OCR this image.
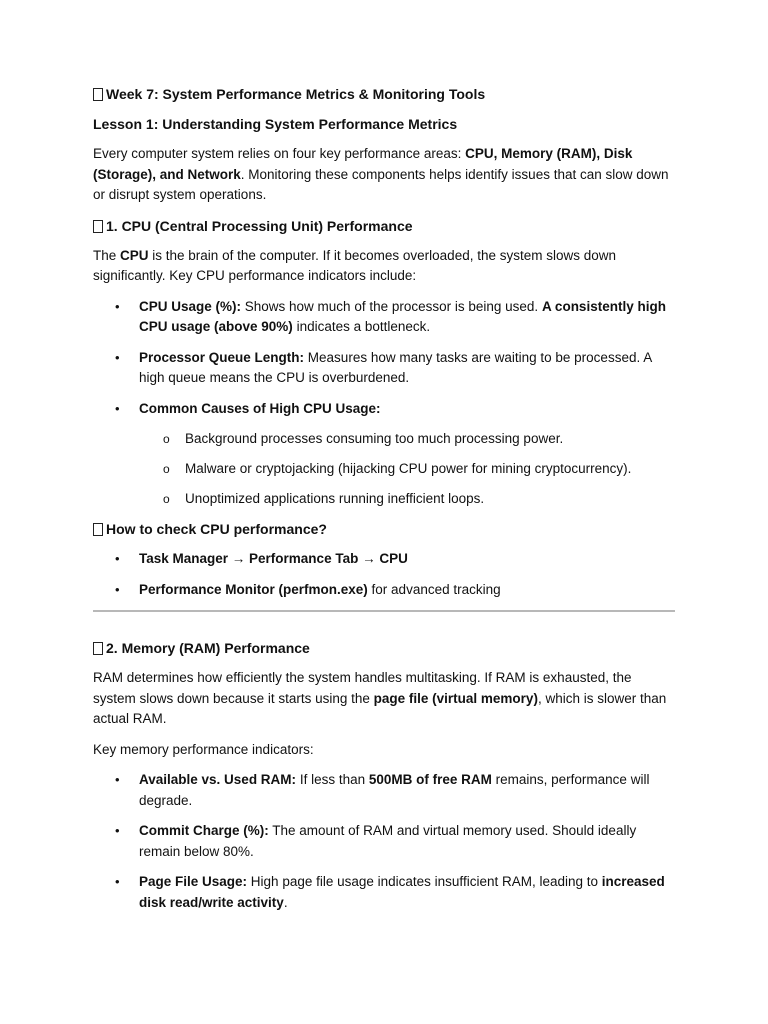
Week 7: System Performance Metrics & Monitoring Tools
Lesson 1: Understanding System Performance Metrics

Every computer system relies on four key performance areas: CPU, Memory (RAM), Disk (Storage), and Network. Monitoring these components helps identify issues that can slow down or disrupt system operations.

1. CPU (Central Processing Unit) Performance

The CPU is the brain of the computer. If it becomes overloaded, the system slows down significantly. Key CPU performance indicators include:

• CPU Usage (%): Shows how much of the processor is being used. A consistently high CPU usage (above 90%) indicates a bottleneck.
• Processor Queue Length: Measures how many tasks are waiting to be processed. A high queue means the CPU is overburdened.
• Common Causes of High CPU Usage:
o Background processes consuming too much processing power.
o Malware or cryptojacking (hijacking CPU power for mining cryptocurrency).
o Unoptimized applications running inefficient loops.
How to check CPU performance?
• Task Manager → Performance Tab → CPU
• Performance Monitor (perfmon.exe) for advanced tracking
2. Memory (RAM) Performance

RAM determines how efficiently the system handles multitasking. If RAM is exhausted, the system slows down because it starts using the page file (virtual memory), which is slower than actual RAM.

Key memory performance indicators:

• Available vs. Used RAM: If less than 500MB of free RAM remains, performance will degrade.
• Commit Charge (%): The amount of RAM and virtual memory used. Should ideally remain below 80%.
• Page File Usage: High page file usage indicates insufficient RAM, leading to increased disk read/write activity.
